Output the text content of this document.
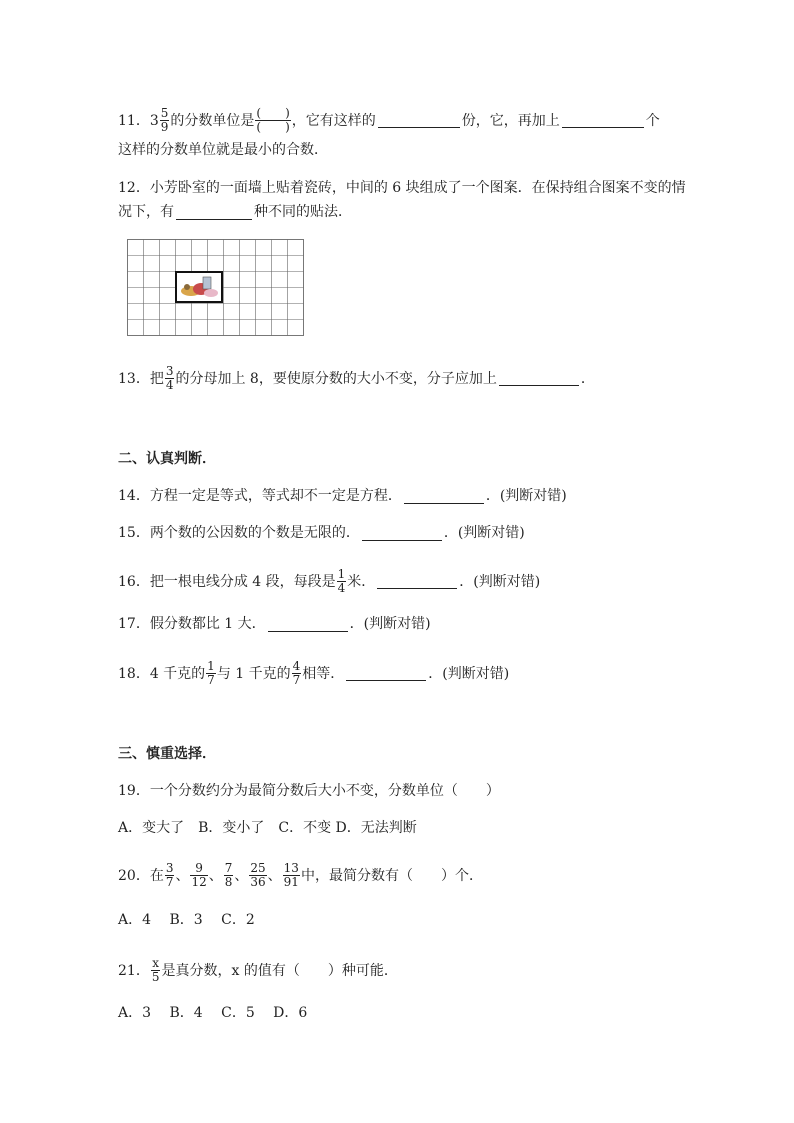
11． $3 \frac{5}{9}$ 的分数单位是 $\frac{( )}{( )}$ ，它有这样的	份，它，再加上	个
这样的分数单位就是最小的合数．
12．小芳卧室的一面墙上贴着瓷砖，中间的 6 块组成了一个图案．在保持组合图案不变的情
况下，有	种不同的贴法．
13．把 $\frac{3}{4}$ 的分母加上 8，要使原分数的大小不变，分子应加上	．
二、认真判断．
14．方程一定是等式，等式却不一定是方程．	．(判断对错)
15．两个数的公因数的个数是无限的．	．(判断对错)
16．把一根电线分成 4 段，每段是 $\frac{1}{4}$ 米．	．(判断对错)
17．假分数都比 1 大．	．(判断对错)
18．4 千克的 $\frac{1}{7}$ 与 1 千克的 $\frac{4}{7}$ 相等．	．(判断对错)
三、慎重选择．
19．一个分数约分为最简分数后大小不变，分数单位（　　）
A．变大了　B．变小了　C．不变 D．无法判断
20．在 $\frac{3}{7}$ 、 $\frac{9}{12}$ 、 $\frac{7}{8}$ 、 $\frac{25}{36}$ 、 $\frac{13}{91}$ 中，最简分数有（　　）个．
A．4　 B．3　 C．2
21． $\frac{x}{5}$ 是真分数，x 的值有（　　）种可能．
A．3　 B．4　 C．5　 D．6
